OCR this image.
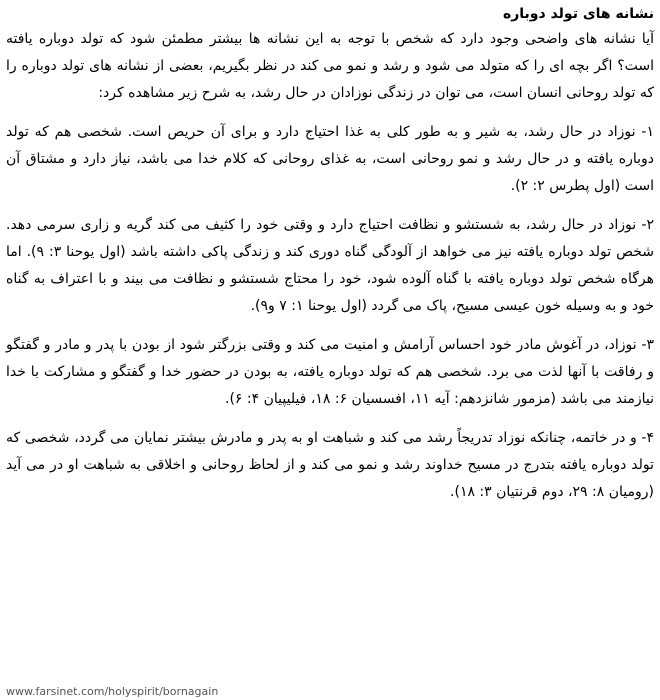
نشانه های تولد دوباره

آیا نشانه های واضحی وجود دارد که شخص با توجه به این نشانه ها بیشتر مطمئن شود که تولد دوباره یافته است؟ اگر بچه ای را که متولد می شود و رشد و نمو می کند در نظر بگیریم، بعضی از نشانه های تولد دوباره را که تولد روحانی انسان است، می توان در زندگی نوزادان در حال رشد، به شرح زیر مشاهده کرد:

۱- نوزاد در حال رشد، به شیر و به طور کلی به غذا احتیاج دارد و برای آن حریص است. شخصی هم که تولد دوباره یافته و در حال رشد و نمو روحانی است، به غذای روحانی که کلام خدا می باشد، نیاز دارد و مشتاق آن است (اول پطرس ۲: ۲).

۲- نوزاد در حال رشد، به شستشو و نظافت احتیاج دارد و وقتی خود را کثیف می کند گریه و زاری سرمی دهد. شخص تولد دوباره یافته نیز می خواهد از آلودگی گناه دوری کند و زندگی پاکی داشته باشد (اول یوحنا ۳: ۹). اما هرگاه شخص تولد دوباره یافته با گناه آلوده شود، خود را محتاج شستشو و نظافت می بیند و با اعتراف به گناه خود و به وسیله خون عیسی مسیح، پاک می گردد (اول یوحنا ۱: ۷ و۹).

۳- نوزاد، در آغوش مادر خود احساس آرامش و امنیت می کند و وقتی بزرگتر شود از بودن با پدر و مادر و گفتگو و رفاقت با آنها لذت می برد. شخصی هم که تولد دوباره یافته، به بودن در حضور خدا و گفتگو و مشارکت با خدا نیازمند می باشد (مزمور شانزدهم: آیه ۱۱، افسسیان ۶: ۱۸، فیلیپیان ۴: ۶).

۴- و در خاتمه، چنانکه نوزاد تدریجاً رشد می کند و شباهت او به پدر و مادرش بیشتر نمایان می گردد، شخصی که تولد دوباره یافته بتدرج در مسیح خداوند رشد و نمو می کند و از لحاظ روحانی و اخلاقی به شباهت او در می آید (رومیان ۸: ۲۹، دوم قرنتیان ۳: ۱۸).

www.farsinet.com/holyspirit/bornagain
